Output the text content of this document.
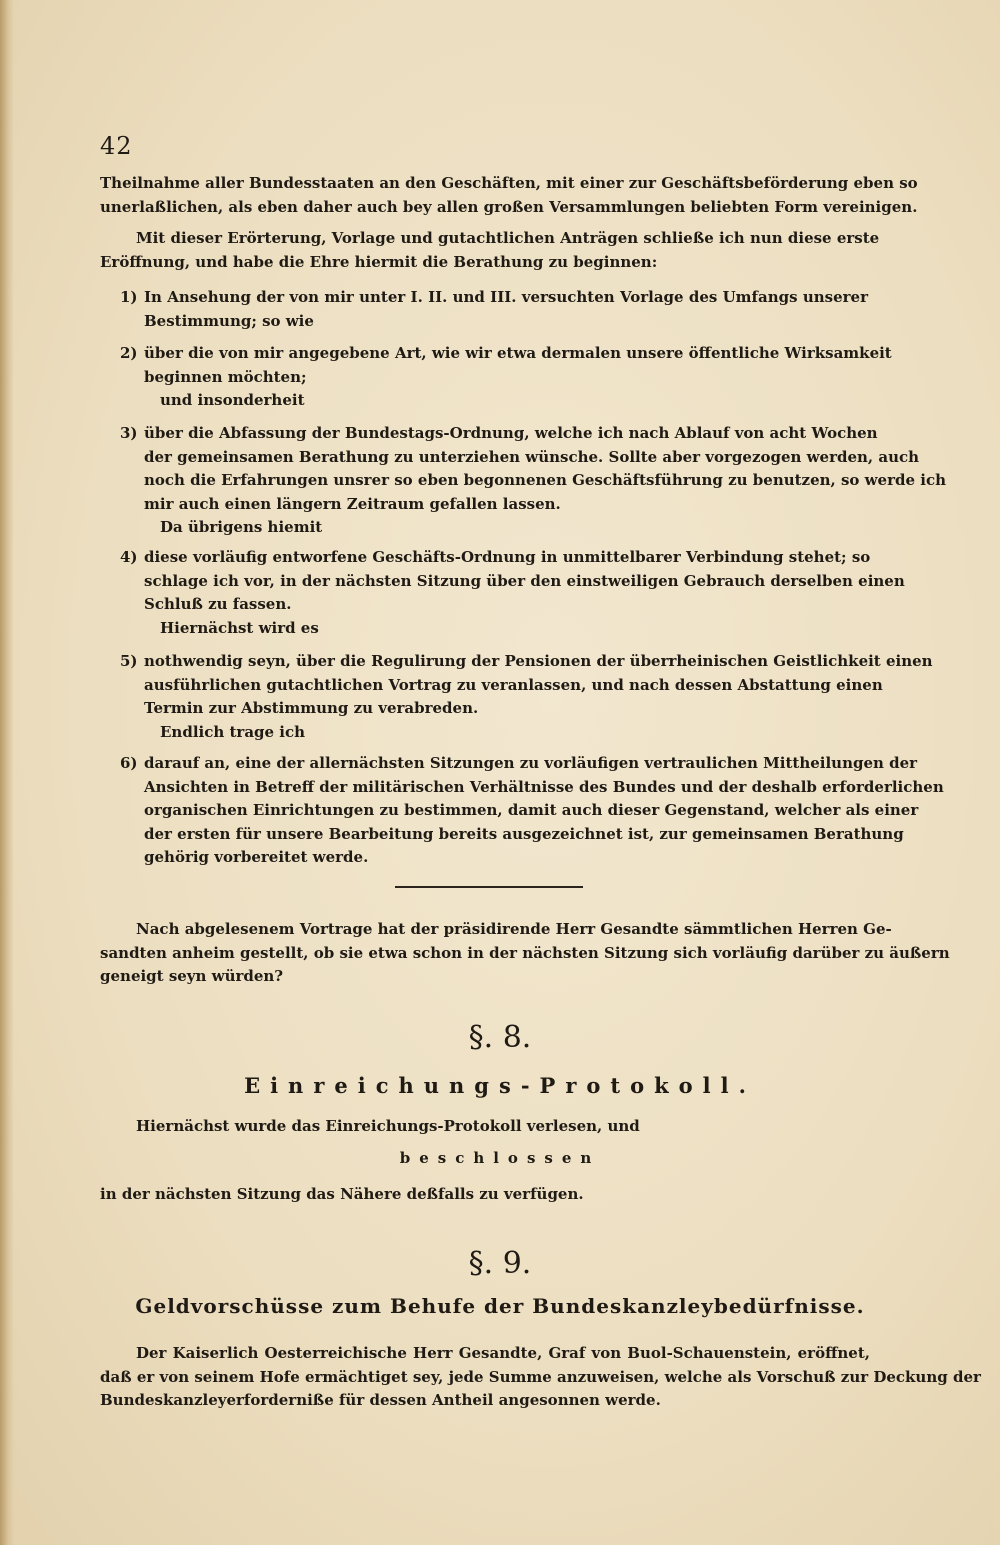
42
Theilnahme aller Bundesstaaten an den Geschäften, mit einer zur Geschäftsbeförderung eben so
unerlaßlichen, als eben daher auch bey allen großen Versammlungen beliebten Form vereinigen.
Mit dieser Erörterung, Vorlage und gutachtlichen Anträgen schließe ich nun diese erste
Eröffnung, und habe die Ehre hiermit die Berathung zu beginnen:
1) In Ansehung der von mir unter I. II. und III. versuchten Vorlage des Umfangs unserer
Bestimmung; so wie
2) über die von mir angegebene Art, wie wir etwa dermalen unsere öffentliche Wirksamkeit
beginnen möchten;
und insonderheit
3) über die Abfassung der Bundestags-Ordnung, welche ich nach Ablauf von acht Wochen
der gemeinsamen Berathung zu unterziehen wünsche. Sollte aber vorgezogen werden, auch
noch die Erfahrungen unsrer so eben begonnenen Geschäftsführung zu benutzen, so werde ich
mir auch einen längern Zeitraum gefallen lassen.
Da übrigens hiemit
4) diese vorläufig entworfene Geschäfts-Ordnung in unmittelbarer Verbindung stehet; so
schlage ich vor, in der nächsten Sitzung über den einstweiligen Gebrauch derselben einen
Schluß zu fassen.
Hiernächst wird es
5) nothwendig seyn, über die Regulirung der Pensionen der überrheinischen Geistlichkeit einen
ausführlichen gutachtlichen Vortrag zu veranlassen, und nach dessen Abstattung einen
Termin zur Abstimmung zu verabreden.
Endlich trage ich
6) darauf an, eine der allernächsten Sitzungen zu vorläufigen vertraulichen Mittheilungen der
Ansichten in Betreff der militärischen Verhältnisse des Bundes und der deshalb erforderlichen
organischen Einrichtungen zu bestimmen, damit auch dieser Gegenstand, welcher als einer
der ersten für unsere Bearbeitung bereits ausgezeichnet ist, zur gemeinsamen Berathung
gehörig vorbereitet werde.
Nach abgelesenem Vortrage hat der präsidirende Herr Gesandte sämmtlichen Herren Ge-
sandten anheim gestellt, ob sie etwa schon in der nächsten Sitzung sich vorläufig darüber zu äußern
geneigt seyn würden?
§. 8.
Einreichungs-Protokoll.
Hiernächst wurde das Einreichungs-Protokoll verlesen, und
beschlossen
in der nächsten Sitzung das Nähere deßfalls zu verfügen.
§. 9.
Geldvorschüsse zum Behufe der Bundeskanzleybedürfnisse.
Der Kaiserlich Oesterreichische Herr Gesandte, Graf von Buol-Schauenstein, eröffnet,
daß er von seinem Hofe ermächtiget sey, jede Summe anzuweisen, welche als Vorschuß zur Deckung der
Bundeskanzleyerforderniße für dessen Antheil angesonnen werde.
